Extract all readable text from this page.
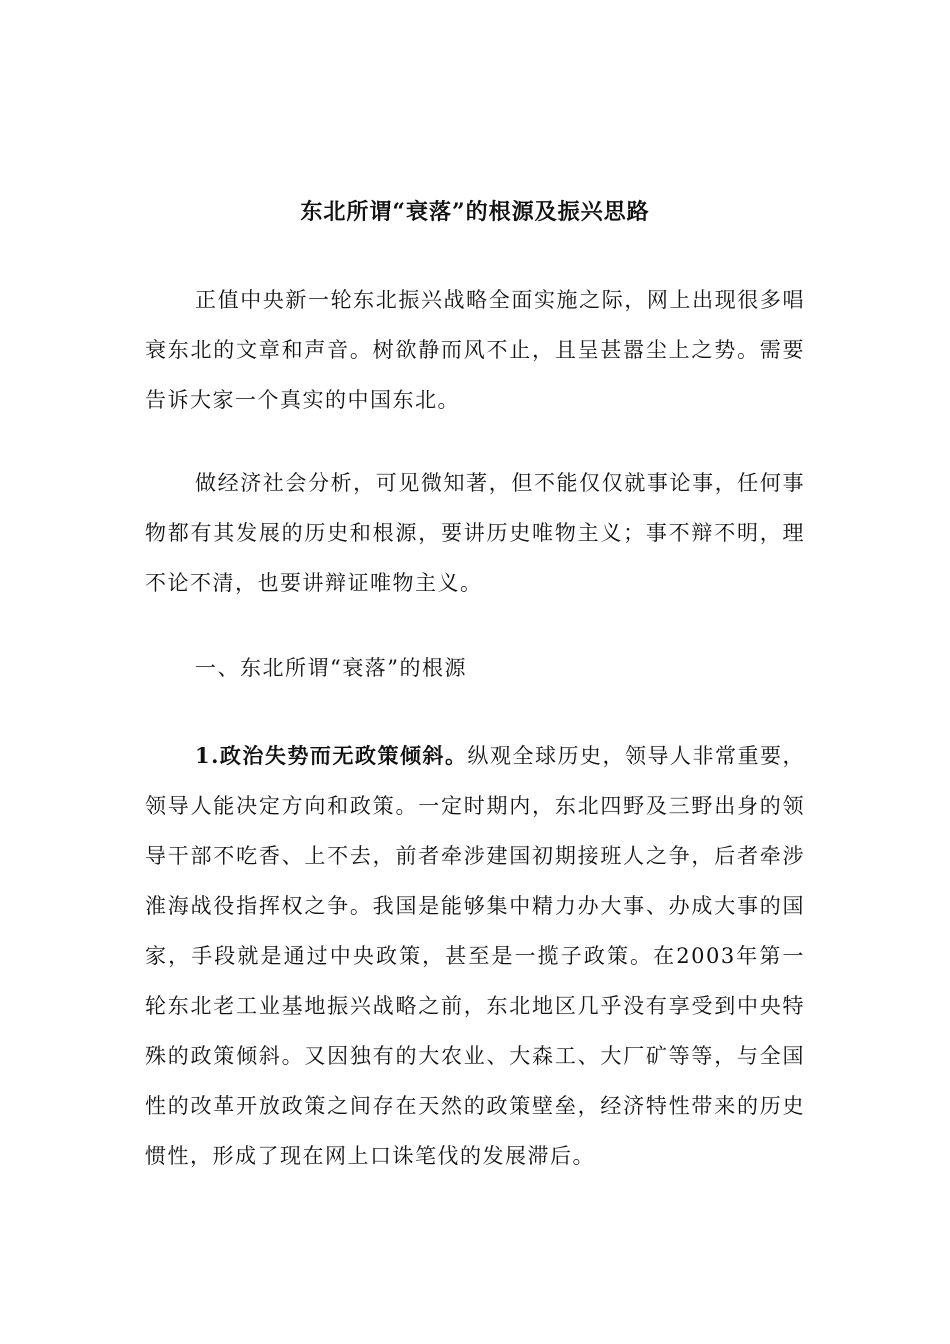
东北所谓“衰落”的根源及振兴思路

正值中央新一轮东北振兴战略全面实施之际，网上出现很多唱衰东北的文章和声音。树欲静而风不止，且呈甚嚣尘上之势。需要告诉大家一个真实的中国东北。

做经济社会分析，可见微知著，但不能仅仅就事论事，任何事物都有其发展的历史和根源，要讲历史唯物主义；事不辩不明，理不论不清，也要讲辩证唯物主义。

一、东北所谓“衰落”的根源

1.政治失势而无政策倾斜。纵观全球历史，领导人非常重要，领导人能决定方向和政策。一定时期内，东北四野及三野出身的领导干部不吃香、上不去，前者牵涉建国初期接班人之争，后者牵涉淮海战役指挥权之争。我国是能够集中精力办大事、办成大事的国家，手段就是通过中央政策，甚至是一揽子政策。在2003年第一轮东北老工业基地振兴战略之前，东北地区几乎没有享受到中央特殊的政策倾斜。又因独有的大农业、大森工、大厂矿等等，与全国性的改革开放政策之间存在天然的政策壁垒，经济特性带来的历史惯性，形成了现在网上口诛笔伐的发展滞后。
